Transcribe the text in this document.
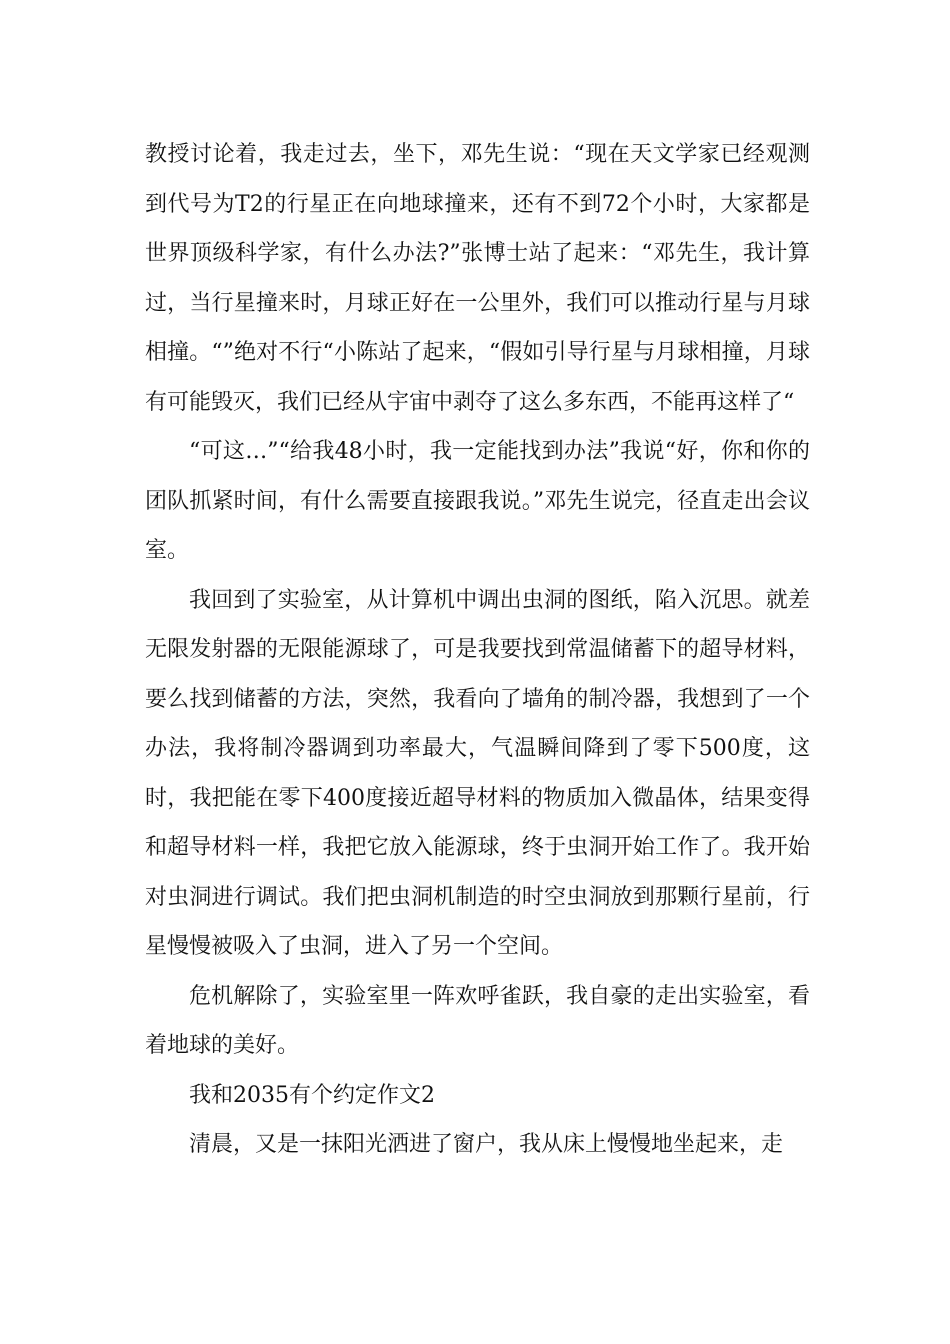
教授讨论着，我走过去，坐下，邓先生说：“现在天文学家已经观测到代号为T2的行星正在向地球撞来，还有不到72个小时，大家都是世界顶级科学家，有什么办法?”张博士站了起来：“邓先生，我计算过，当行星撞来时，月球正好在一公里外，我们可以推动行星与月球相撞。“”绝对不行“小陈站了起来，“假如引导行星与月球相撞，月球有可能毁灭，我们已经从宇宙中剥夺了这么多东西，不能再这样了“

“可这…”“给我48小时，我一定能找到办法”我说“好，你和你的团队抓紧时间，有什么需要直接跟我说。”邓先生说完，径直走出会议室。

我回到了实验室，从计算机中调出虫洞的图纸，陷入沉思。就差无限发射器的无限能源球了，可是我要找到常温储蓄下的超导材料，要么找到储蓄的方法，突然，我看向了墙角的制冷器，我想到了一个办法，我将制冷器调到功率最大，气温瞬间降到了零下500度，这时，我把能在零下400度接近超导材料的物质加入微晶体，结果变得和超导材料一样，我把它放入能源球，终于虫洞开始工作了。我开始对虫洞进行调试。我们把虫洞机制造的时空虫洞放到那颗行星前，行星慢慢被吸入了虫洞，进入了另一个空间。

危机解除了，实验室里一阵欢呼雀跃，我自豪的走出实验室，看着地球的美好。

我和2035有个约定作文2

清晨，又是一抹阳光洒进了窗户，我从床上慢慢地坐起来，走
